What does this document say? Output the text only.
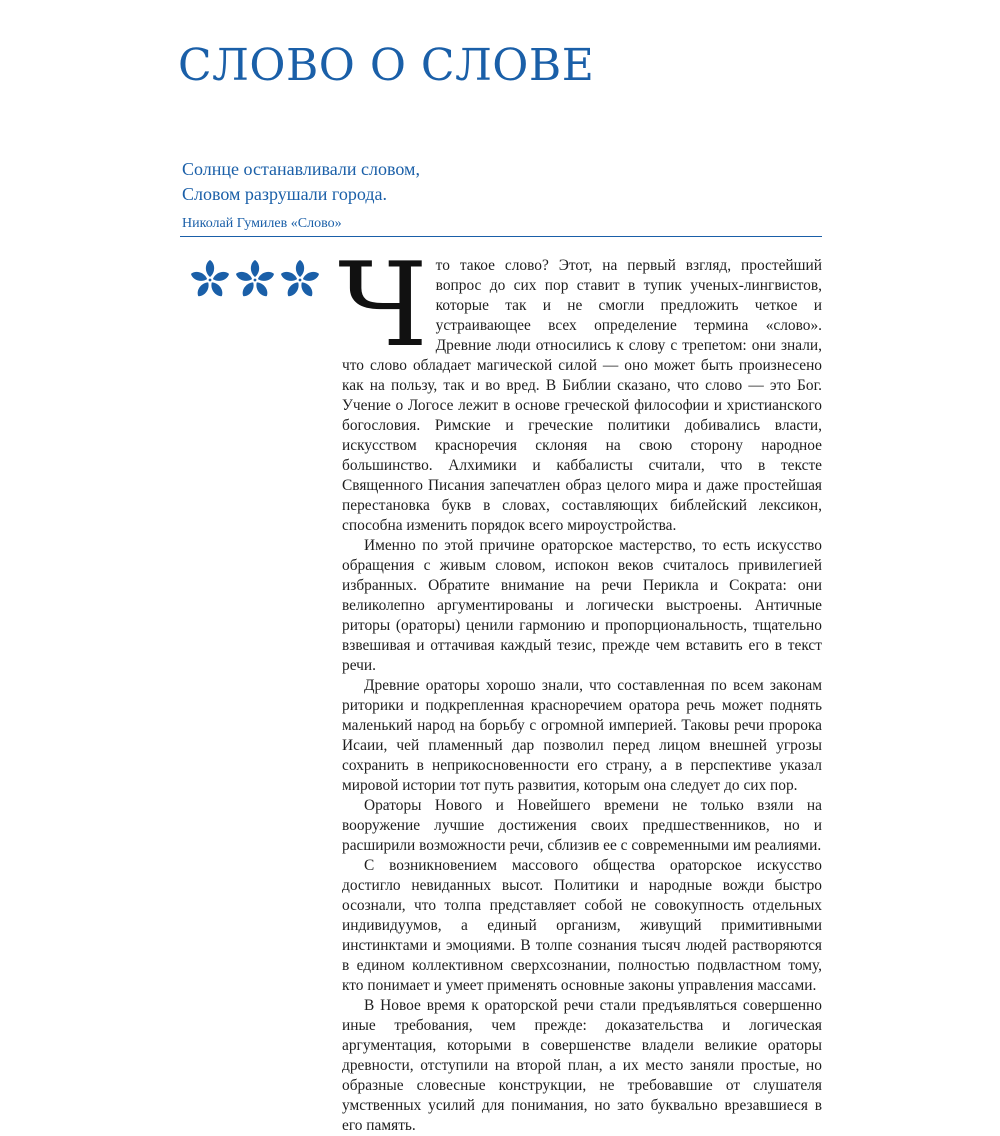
СЛОВО О СЛОВЕ
Солнце останавливали словом,
Словом разрушали города.
Николай Гумилев «Слово»

Что такое слово? Этот, на первый взгляд, простейший вопрос до сих пор ставит в тупик ученых-лингвистов, которые так и не смогли предложить четкое и устраивающее всех определение термина «слово». Древние люди относились к слову с трепетом: они знали, что слово обладает магической силой — оно может быть произнесено как на пользу, так и во вред. В Библии сказано, что слово — это Бог. Учение о Логосе лежит в основе греческой философии и христианского богословия. Римские и греческие политики добивались власти, искусством красноречия склоняя на свою сторону народное большинство. Алхимики и каббалисты считали, что в тексте Священного Писания запечатлен образ целого мира и даже простейшая перестановка букв в словах, составляющих библейский лексикон, способна изменить порядок всего мироустройства.

Именно по этой причине ораторское мастерство, то есть искусство обращения с живым словом, испокон веков считалось привилегией избранных. Обратите внимание на речи Перикла и Сократа: они великолепно аргументированы и логически выстроены. Античные риторы (ораторы) ценили гармонию и пропорциональность, тщательно взвешивая и оттачивая каждый тезис, прежде чем вставить его в текст речи.

Древние ораторы хорошо знали, что составленная по всем законам риторики и подкрепленная красноречием оратора речь может поднять маленький народ на борьбу с огромной империей. Таковы речи пророка Исаии, чей пламенный дар позволил перед лицом внешней угрозы сохранить в неприкосновенности его страну, а в перспективе указал мировой истории тот путь развития, которым она следует до сих пор.

Ораторы Нового и Новейшего времени не только взяли на вооружение лучшие достижения своих предшественников, но и расширили возможности речи, сблизив ее с современными им реалиями.

С возникновением массового общества ораторское искусство достигло невиданных высот. Политики и народные вожди быстро осознали, что толпа представляет собой не совокупность отдельных индивидуумов, а единый организм, живущий примитивными инстинктами и эмоциями. В толпе сознания тысяч людей растворяются в едином коллективном сверхсознании, полностью подвластном тому, кто понимает и умеет применять основные законы управления массами.

В Новое время к ораторской речи стали предъявляться совершенно иные требования, чем прежде: доказательства и логическая аргументация, которыми в совершенстве владели великие ораторы древности, отступили на второй план, а их место заняли простые, но образные словесные конструкции, не требовавшие от слушателя умственных усилий для понимания, но зато буквально врезавшиеся в его память.
